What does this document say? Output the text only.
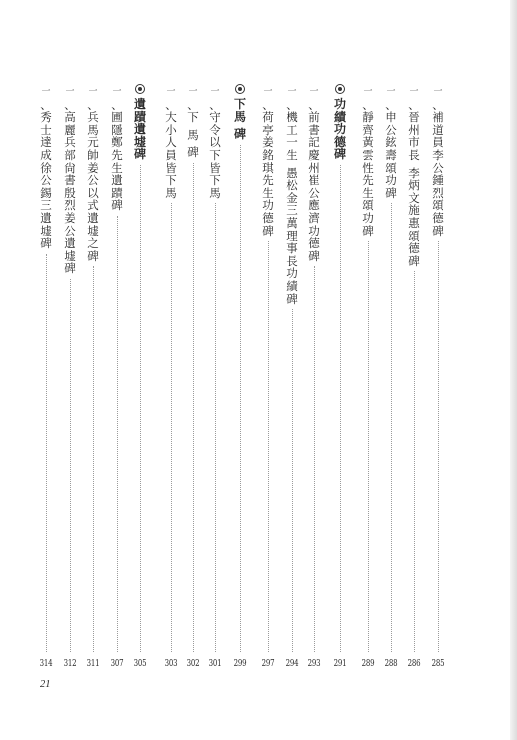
一
、
補
道
員
李
公
鍾
烈
頌
德
碑
285
一
、
晉
州
市
長

李
炳
文
施
惠
頌
德
碑
286
一
、
申
公
鉉
壽
頌
功
碑
288
一
、
靜
齊
黃
雲
性
先
生
頌
功
碑
289
功
績
功
德
碑
291
一
、
前
書
記
慶
州
崔
公
應
濟
功
德
碑
293
一
、
機
工
一
生

愚
松
金
三
萬
理
事
長
功
績
碑
294
一
、
荷
亭
姜
銘
琪
先
生
功
德
碑
297
下
馬

碑
299
一
、
守
令
以
下
皆
下
馬
301
一
、
下

馬

碑
302
一
、
大
小
人
員
皆
下
馬
303
遺
蹟
遺
墟
碑
305
一
、
圃
隱
鄭
先
生
遺
蹟
碑
307
一
、
兵
馬
元
帥
姜
公
以
式
遺
墟
之
碑
311
一
、
高
麗
兵
部
尙
書
殷
烈
姜
公
遺
墟
碑
312
一
、
秀
士
達
成
徐
公
錫
三
遺
墟
碑
314
21
